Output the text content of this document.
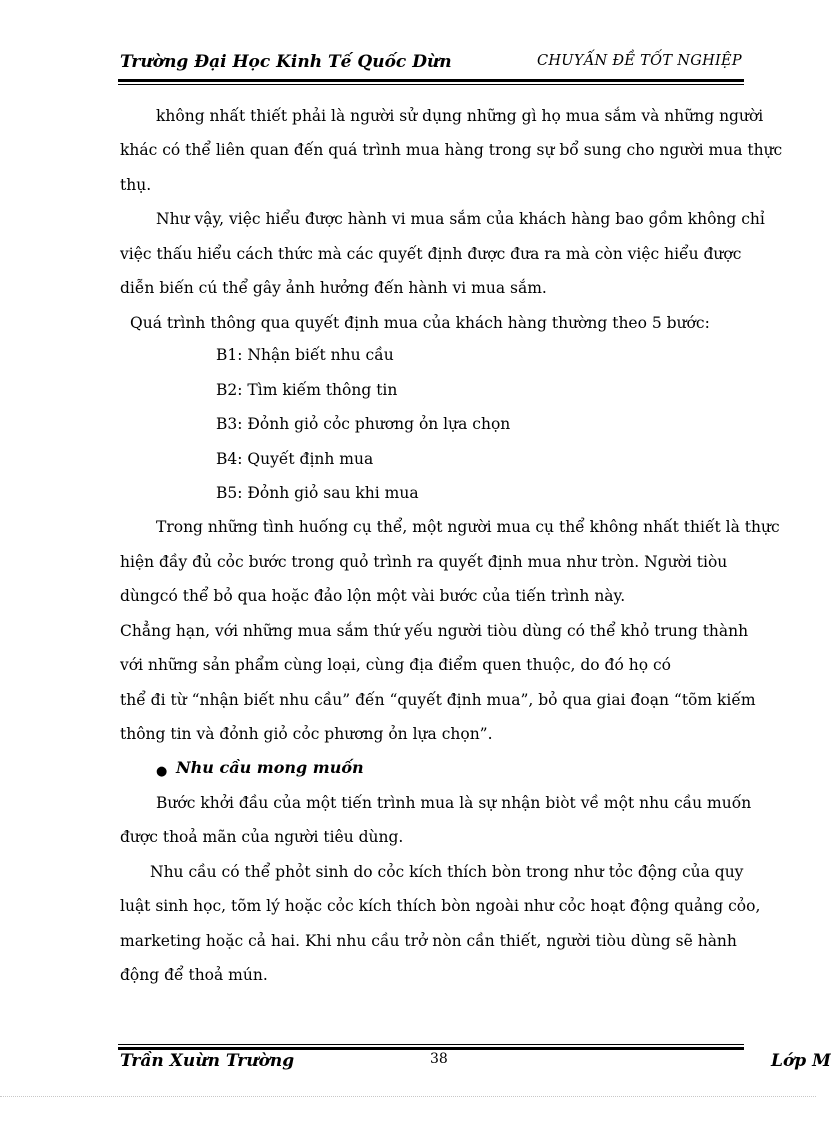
Trường Đại Học Kinh Tế Quốc Dừn	CHUYẤN ĐỀ TỐT NGHIỆP
không nhất thiết phải là người sử dụng những gì họ mua sắm và những người
khác có thể liên quan đến quá trình mua hàng trong sự bổ sung cho người mua thực
thụ.
Như vậy, việc hiểu được hành vi mua sắm của khách hàng bao gồm không chỉ
việc thấu hiểu cách thức mà các quyết định được đưa ra mà còn việc hiểu được
diễn biến cú thể gây ảnh hưởng đến hành vi mua sắm.
Quá trình thông qua quyết định mua của khách hàng thường theo 5 bước:
B1: Nhận biết nhu cầu
B2: Tìm kiếm thông tin
B3: Đỏnh giỏ cỏc phương ỏn lựa chọn
B4: Quyết định mua
B5: Đỏnh giỏ sau khi mua
Trong những tình huống cụ thể, một người mua cụ thể không nhất thiết là thực
hiện đầy đủ cỏc bước trong quỏ trình ra quyết định mua như tròn. Người tiòu
dùngcó thể bỏ qua hoặc đảo lộn một vài bước của tiến trình này.
Chẳng hạn, với những mua sắm thứ yếu người tiòu dùng có thể khỏ trung thành
với những sản phẩm cùng loại, cùng địa điểm quen thuộc, do đó họ có
thể đi từ “nhận biết nhu cầu” đến “quyết định mua”, bỏ qua giai đoạn “tõm kiếm
thông tin và đỏnh giỏ cỏc phương ỏn lựa chọn”.
● Nhu cầu mong muốn
Bước khởi đầu của một tiến trình mua là sự nhận biòt về một nhu cầu muốn
được thoả mãn của người tiêu dùng.
Nhu cầu có thể phỏt sinh do cỏc kích thích bòn trong như tỏc động của quy
luật sinh học, tõm lý hoặc cỏc kích thích bòn ngoài như cỏc hoạt động quảng cỏo,
marketing hoặc cả hai. Khi nhu cầu trở nòn cần thiết, người tiòu dùng sẽ hành
động để thoả mún.
Trần Xuừn Trường	38	Lớp M
